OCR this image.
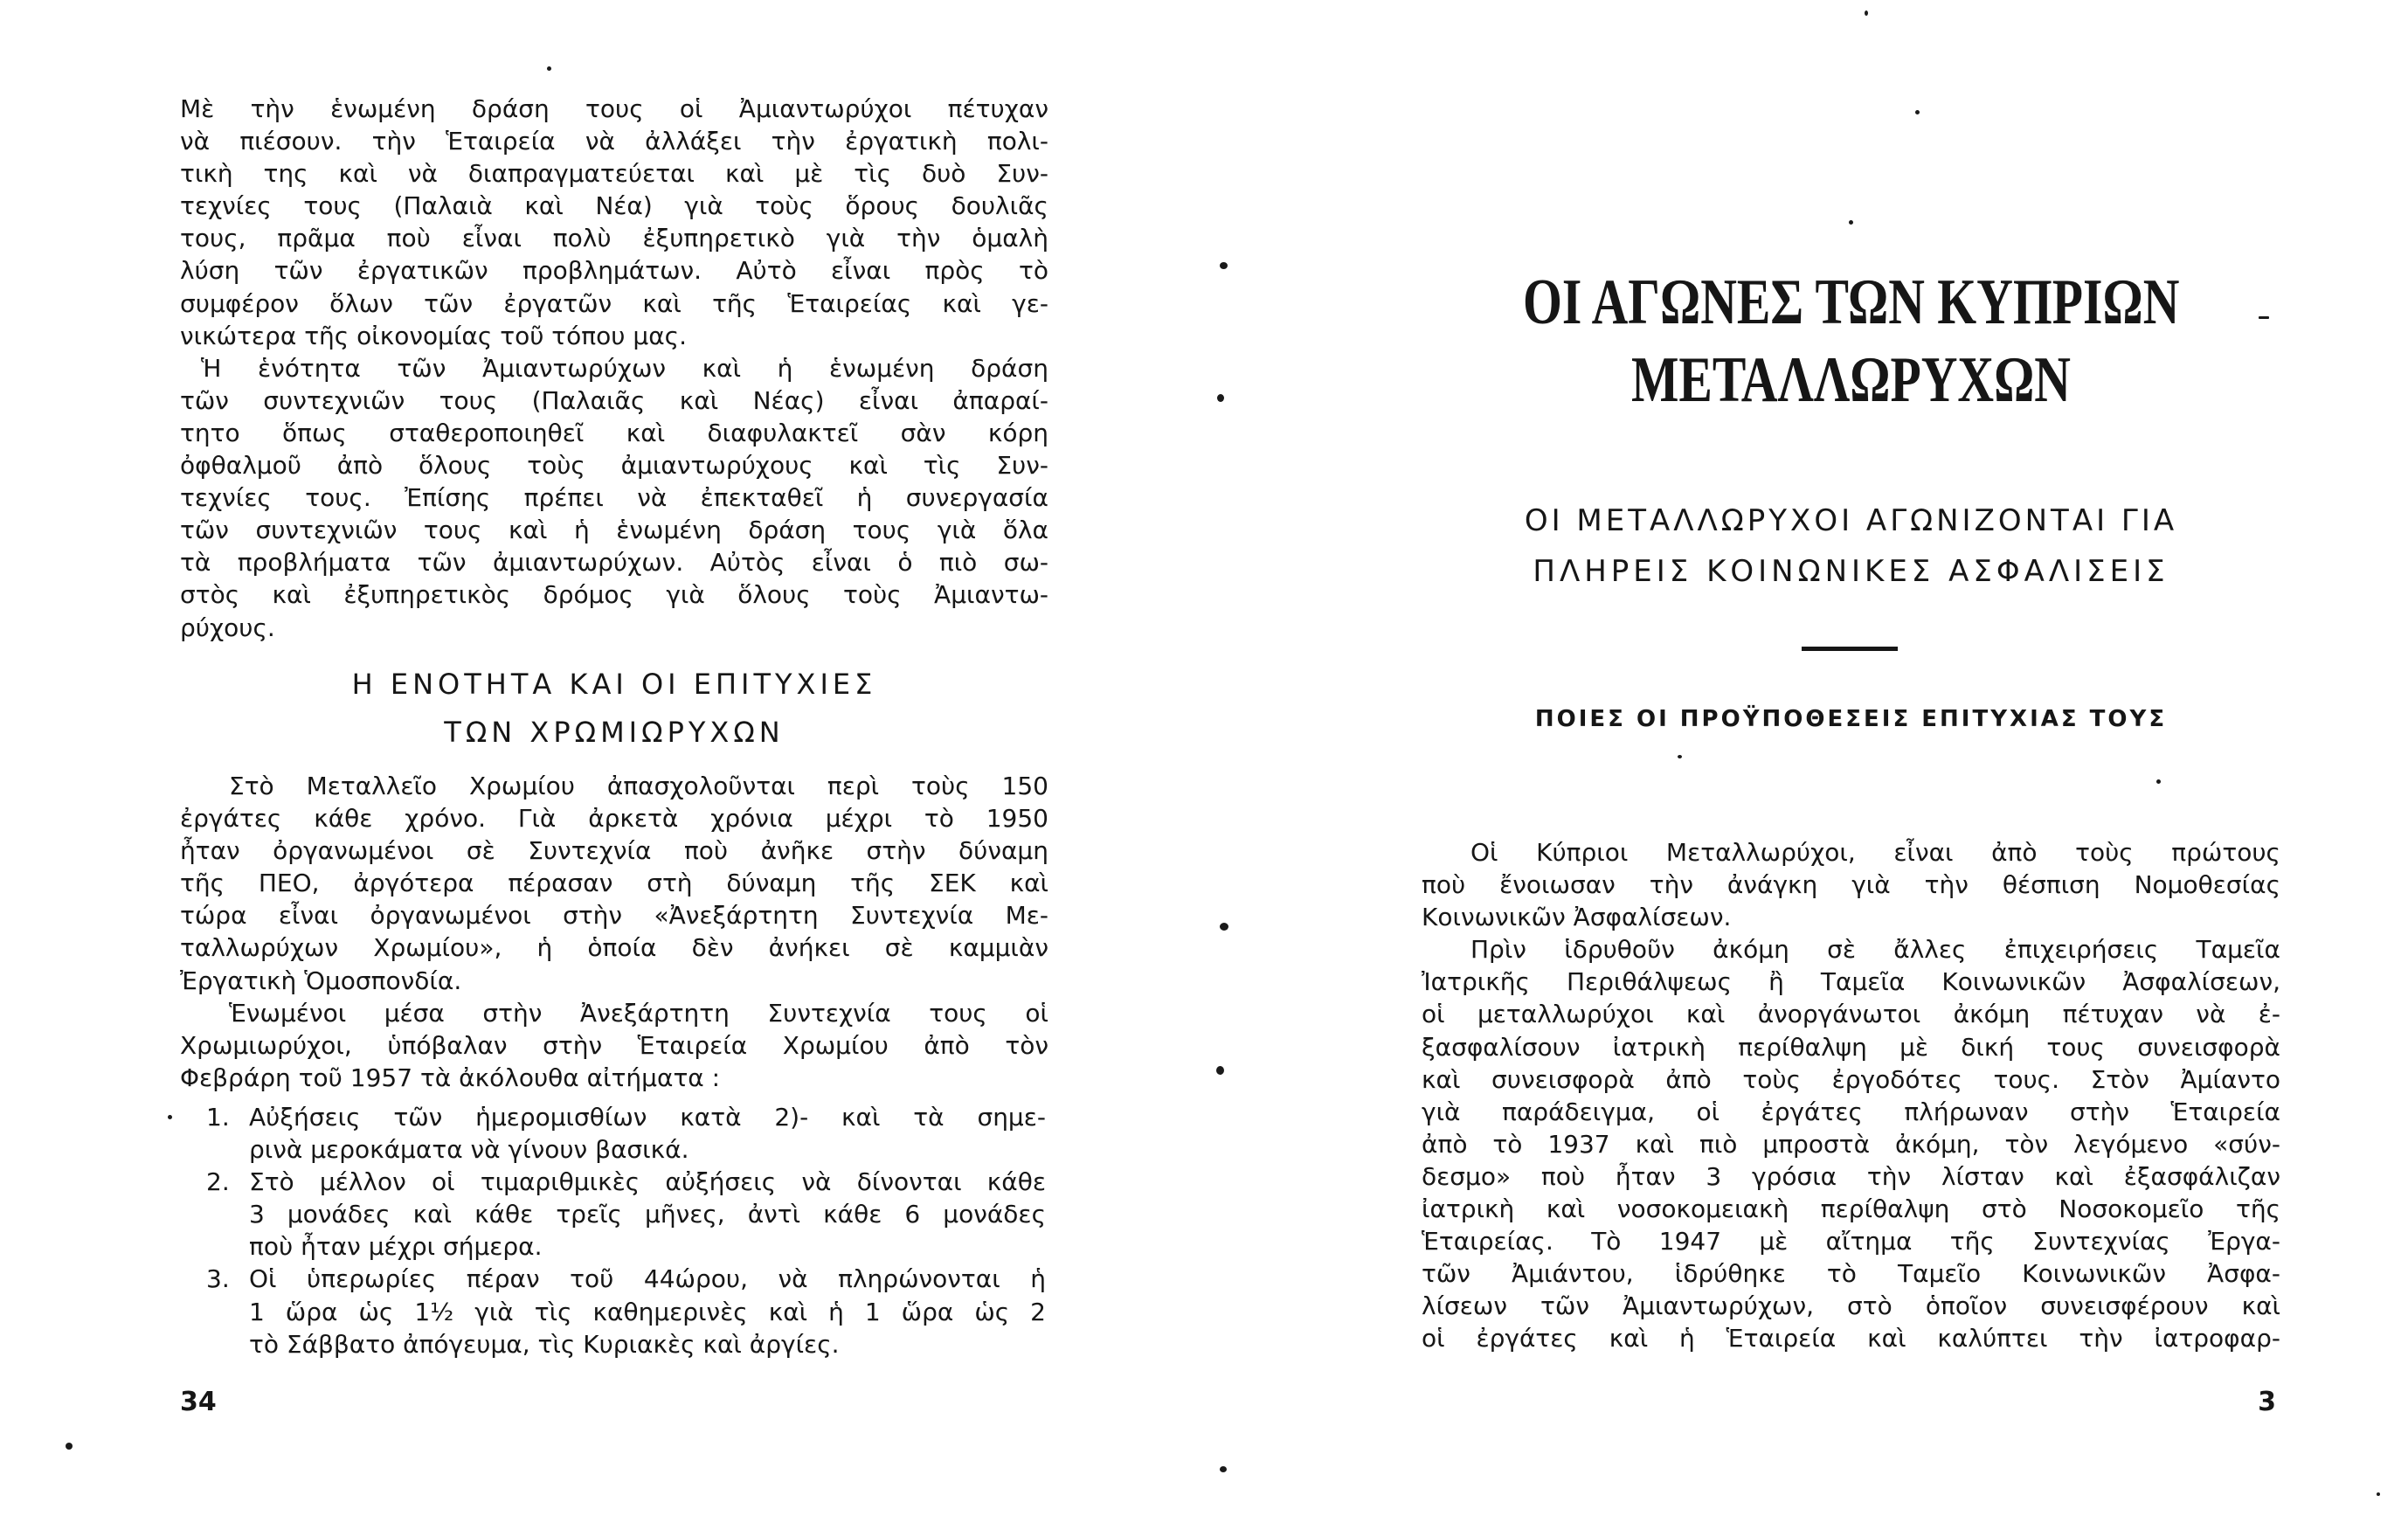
Μὲ τὴν ἑνωμένη δράση τους οἱ Ἀμιαντωρύχοι πέτυχαν
νὰ πιέσουν. τὴν Ἑταιρεία νὰ ἀλλάξει τὴν ἐργατικὴ πολι-
τικὴ της καὶ νὰ διαπραγματεύεται καὶ μὲ τὶς δυὸ Συν-
τεχνίες τους (Παλαιὰ καὶ Νέα) γιὰ τοὺς ὅρους δουλιᾶς
τους, πρᾶμα ποὺ εἶναι πολὺ ἐξυπηρετικὸ γιὰ τὴν ὁμαλὴ
λύση τῶν ἐργατικῶν προβλημάτων. Αὐτὸ εἶναι πρὸς τὸ
συμφέρον ὅλων τῶν ἐργατῶν καὶ τῆς Ἑταιρείας καὶ γε-
νικώτερα τῆς οἰκονομίας τοῦ τόπου μας.
Ἡ ἑνότητα τῶν Ἀμιαντωρύχων καὶ ἡ ἑνωμένη δράση
τῶν συντεχνιῶν τους (Παλαιᾶς καὶ Νέας) εἶναι ἀπαραί-
τητο ὅπως σταθεροποιηθεῖ καὶ διαφυλακτεῖ σὰν κόρη
ὀφθαλμοῦ ἀπὸ ὅλους τοὺς ἀμιαντωρύχους καὶ τὶς Συν-
τεχνίες τους. Ἐπίσης πρέπει νὰ ἐπεκταθεῖ ἡ συνεργασία
τῶν συντεχνιῶν τους καὶ ἡ ἑνωμένη δράση τους γιὰ ὅλα
τὰ προβλήματα τῶν ἀμιαντωρύχων. Αὐτὸς εἶναι ὁ πιὸ σω-
στὸς καὶ ἐξυπηρετικὸς δρόμος γιὰ ὅλους τοὺς Ἀμιαντω-
ρύχους.
Η ΕΝΟΤΗΤΑ ΚΑΙ ΟΙ ΕΠΙΤΥΧΙΕΣ
ΤΩΝ ΧΡΩΜΙΩΡΥΧΩΝ
Στὸ Μεταλλεῖο Χρωμίου ἀπασχολοῦνται περὶ τοὺς 150
ἐργάτες κάθε χρόνο. Γιὰ ἀρκετὰ χρόνια μέχρι τὸ 1950
ἦταν ὀργανωμένοι σὲ Συντεχνία ποὺ ἀνῆκε στὴν δύναμη
τῆς ΠΕΟ, ἀργότερα πέρασαν στὴ δύναμη τῆς ΣΕΚ καὶ
τώρα εἶναι ὀργανωμένοι στὴν «Ἀνεξάρτητη Συντεχνία Με-
ταλλωρύχων Χρωμίου», ἡ ὁποία δὲν ἀνήκει σὲ καμμιὰν
Ἐργατικὴ Ὁμοσπονδία.
Ἑνωμένοι μέσα στὴν Ἀνεξάρτητη Συντεχνία τους οἱ
Χρωμιωρύχοι, ὑπόβαλαν στὴν Ἑταιρεία Χρωμίου ἀπὸ τὸν
Φεβράρη τοῦ 1957 τὰ ἀκόλουθα αἰτήματα :
1. Αὐξήσεις τῶν ἡμερομισθίων κατὰ 2)- καὶ τὰ σημε-
ρινὰ μεροκάματα νὰ γίνουν βασικά.
2. Στὸ μέλλον οἱ τιμαριθμικὲς αὐξήσεις νὰ δίνονται κάθε
3 μονάδες καὶ κάθε τρεῖς μῆνες, ἀντὶ κάθε 6 μονάδες
ποὺ ἦταν μέχρι σήμερα.
3. Οἱ ὑπερωρίες πέραν τοῦ 44ώρου, νὰ πληρώνονται ἡ
1 ὥρα ὡς 1½ γιὰ τὶς καθημερινὲς καὶ ἡ 1 ὥρα ὡς 2
τὸ Σάββατο ἀπόγευμα, τὶς Κυριακὲς καὶ ἀργίες.
34
ΟΙ ΑΓΩΝΕΣ ΤΩΝ ΚΥΠΡΙΩΝ
ΜΕΤΑΛΛΩΡΥΧΩΝ
ΟΙ ΜΕΤΑΛΛΩΡΥΧΟΙ ΑΓΩΝΙΖΟΝΤΑΙ ΓΙΑ
ΠΛΗΡΕΙΣ ΚΟΙΝΩΝΙΚΕΣ ΑΣΦΑΛΙΣΕΙΣ
ΠΟΙΕΣ ΟΙ ΠΡΟΫΠΟΘΕΣΕΙΣ ΕΠΙΤΥΧΙΑΣ ΤΟΥΣ
Οἱ Κύπριοι Μεταλλωρύχοι, εἶναι ἀπὸ τοὺς πρώτους
ποὺ ἔνοιωσαν τὴν ἀνάγκη γιὰ τὴν θέσπιση Νομοθεσίας
Κοινωνικῶν Ἀσφαλίσεων.
Πρὶν ἱδρυθοῦν ἀκόμη σὲ ἄλλες ἐπιχειρήσεις Ταμεῖα
Ἰατρικῆς Περιθάλψεως ἢ Ταμεῖα Κοινωνικῶν Ἀσφαλίσεων,
οἱ μεταλλωρύχοι καὶ ἀνοργάνωτοι ἀκόμη πέτυχαν νὰ ἐ-
ξασφαλίσουν ἰατρικὴ περίθαλψη μὲ δική τους συνεισφορὰ
καὶ συνεισφορὰ ἀπὸ τοὺς ἐργοδότες τους. Στὸν Ἀμίαντο
γιὰ παράδειγμα, οἱ ἐργάτες πλήρωναν στὴν Ἑταιρεία
ἀπὸ τὸ 1937 καὶ πιὸ μπροστὰ ἀκόμη, τὸν λεγόμενο «σύν-
δεσμο» ποὺ ἦταν 3 γρόσια τὴν λίσταν καὶ ἐξασφάλιζαν
ἰατρικὴ καὶ νοσοκομειακὴ περίθαλψη στὸ Νοσοκομεῖο τῆς
Ἑταιρείας. Τὸ 1947 μὲ αἴτημα τῆς Συντεχνίας Ἐργα-
τῶν Ἀμιάντου, ἱδρύθηκε τὸ Ταμεῖο Κοινωνικῶν Ἀσφα-
λίσεων τῶν Ἀμιαντωρύχων, στὸ ὁποῖον συνεισφέρουν καὶ
οἱ ἐργάτες καὶ ἡ Ἑταιρεία καὶ καλύπτει τὴν ἰατροφαρ-
3
